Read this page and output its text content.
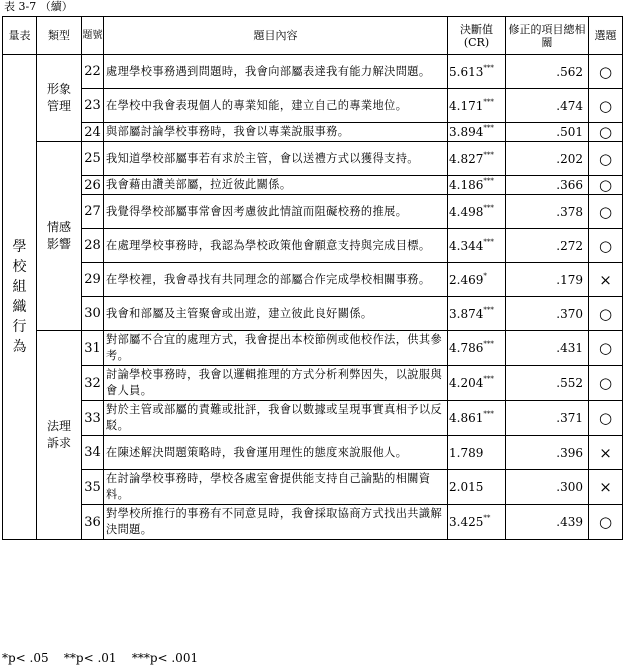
表 3-7 （續）
量表	類型	題號	題目內容	決斷值(CR)	修正的項目總相關	選題

學校組織行為	形象管理	22	處理學校事務遇到問題時，我會向部屬表達我有能力解決問題。	5.613***	.562	○
		23	在學校中我會表現個人的專業知能，建立自己的專業地位。	4.171***	.474	○
		24	與部屬討論學校事務時，我會以專業說服事務。	3.894***	.501	○

	情感影響	25	我知道學校部屬事若有求於主管，會以送禮方式以獲得支持。	4.827***	.202	○
		26	我會藉由讚美部屬，拉近彼此關係。	4.186***	.366	○
		27	我覺得學校部屬事常會因考慮彼此情誼而阻礙校務的推展。	4.498***	.378	○
		28	在處理學校事務時，我認為學校政策他會願意支持與完成目標。	4.344***	.272	○
		29	在學校裡，我會尋找有共同理念的部屬合作完成學校相關事務。	2.469*	.179	×
		30	我會和部屬及主管聚會或出遊，建立彼此良好關係。	3.874***	.370	○

	法理訴求	31	對部屬不合宜的處理方式，我會提出本校節例或他校作法，供其參考。	4.786***	.431	○
		32	討論學校事務時，我會以邏輯推理的方式分析利弊因失，以說服與會人員。	4.204***	.552	○
		33	對於主管或部屬的責難或批評，我會以數據或呈現事實真相予以反駁。	4.861***	.371	○
		34	在陳述解決問題策略時，我會運用理性的態度來說服他人。	1.789	.396	×
		35	在討論學校事務時，學校各處室會提供能支持自己論點的相關資料。	2.015	.300	×
		36	對學校所推行的事務有不同意見時，我會採取協商方式找出共識解決問題。	3.425**	.439	○
*p< .05 **p< .01 ***p< .001
